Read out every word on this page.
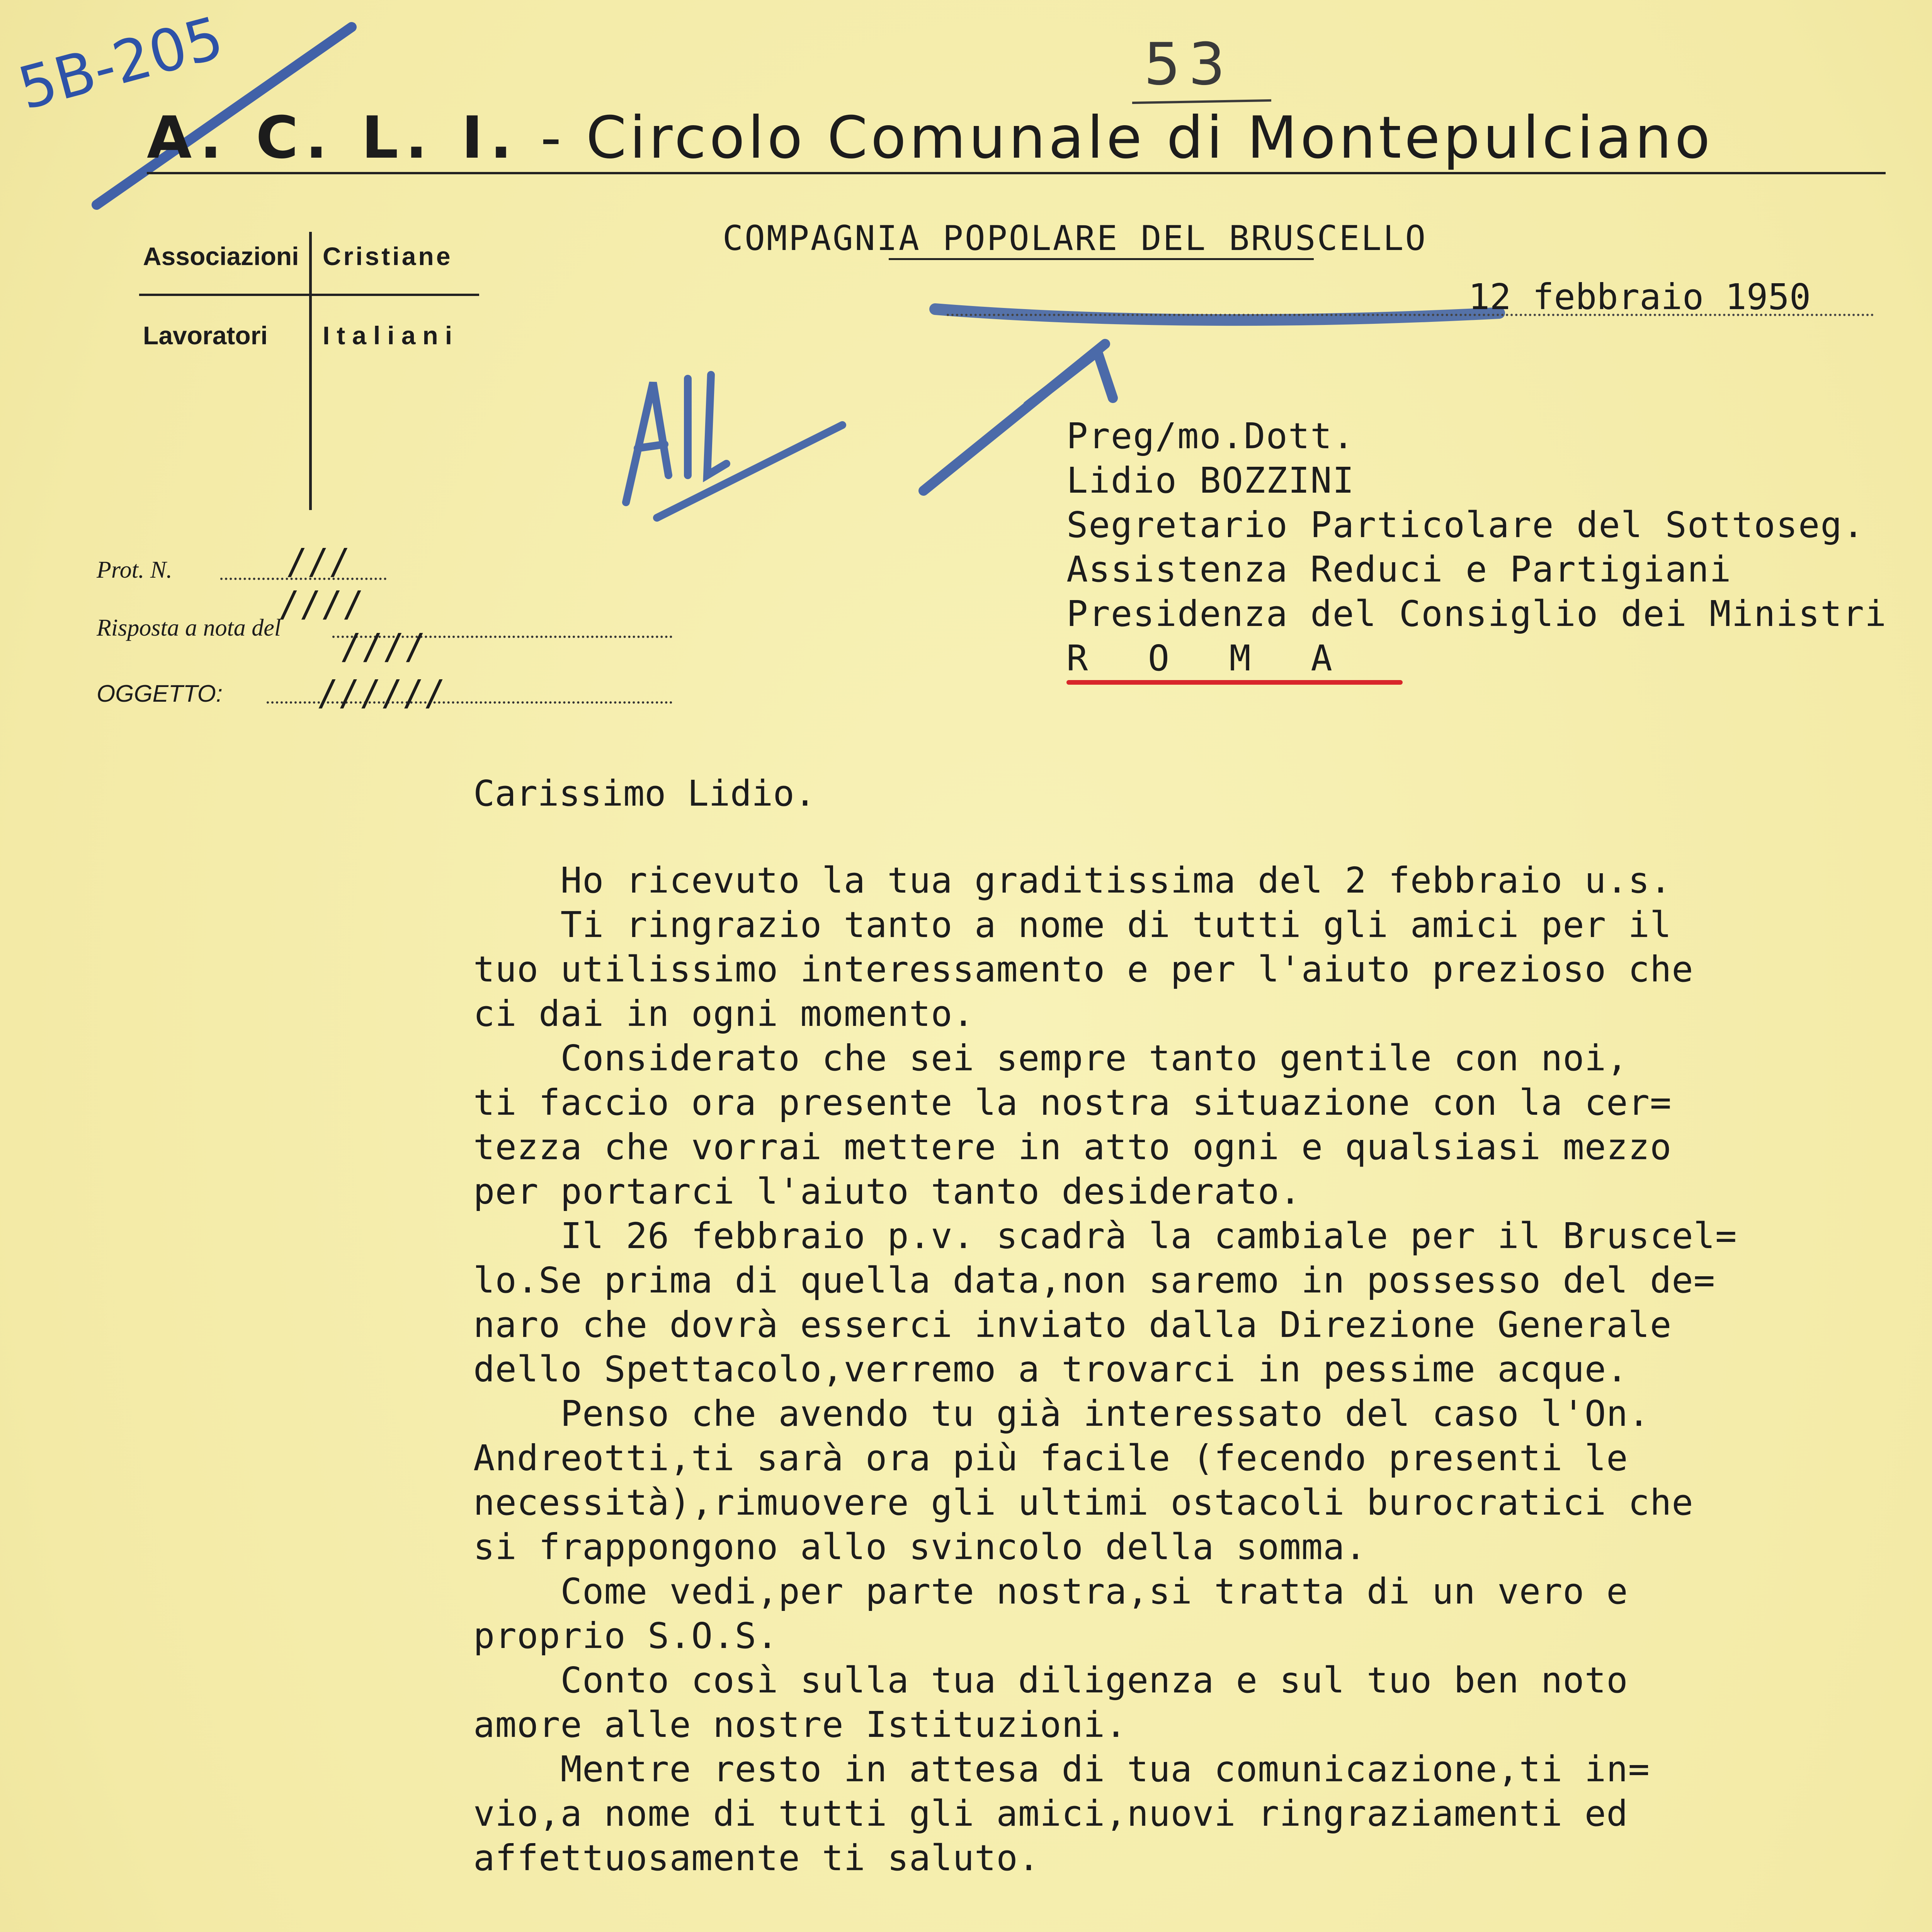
5B-205	53
A. C. L. I. - Circolo Comunale di Montepulciano
Associazioni Cristiane
Lavoratori Italiani
COMPAGNIA POPOLARE DEL BRUSCELLO
12 febbraio 1950
Preg/mo.Dott.
Lidio BOZZINI
Segretario Particolare del Sottoseg.
Assistenza Reduci e Partigiani
Presidenza del Consiglio dei Ministri
R O M A
Prot. N.	///
Risposta a nota del
////
////
OGGETTO:	//////
Carissimo Lidio.
Ho ricevuto la tua graditissima del 2 febbraio u.s.
Ti ringrazio tanto a nome di tutti gli amici per il
tuo utilissimo interessamento e per l'aiuto prezioso che
ci dai in ogni momento.
Considerato che sei sempre tanto gentile con noi,
ti faccio ora presente la nostra situazione con la cer=
tezza che vorrai mettere in atto ogni e qualsiasi mezzo
per portarci l'aiuto tanto desiderato.
Il 26 febbraio p.v. scadrà la cambiale per il Bruscel=
lo.Se prima di quella data,non saremo in possesso del de=
naro che dovrà esserci inviato dalla Direzione Generale
dello Spettacolo,verremo a trovarci in pessime acque.
Penso che avendo tu già interessato del caso l'On.
Andreotti,ti sarà ora più facile (fecendo presenti le
necessità),rimuovere gli ultimi ostacoli burocratici che
si frappongono allo svincolo della somma.
Come vedi,per parte nostra,si tratta di un vero e
proprio S.O.S.
Conto così sulla tua diligenza e sul tuo ben noto
amore alle nostre Istituzioni.
Mentre resto in attesa di tua comunicazione,ti in=
vio,a nome di tutti gli amici,nuovi ringraziamenti ed
affettuosamente ti saluto.
